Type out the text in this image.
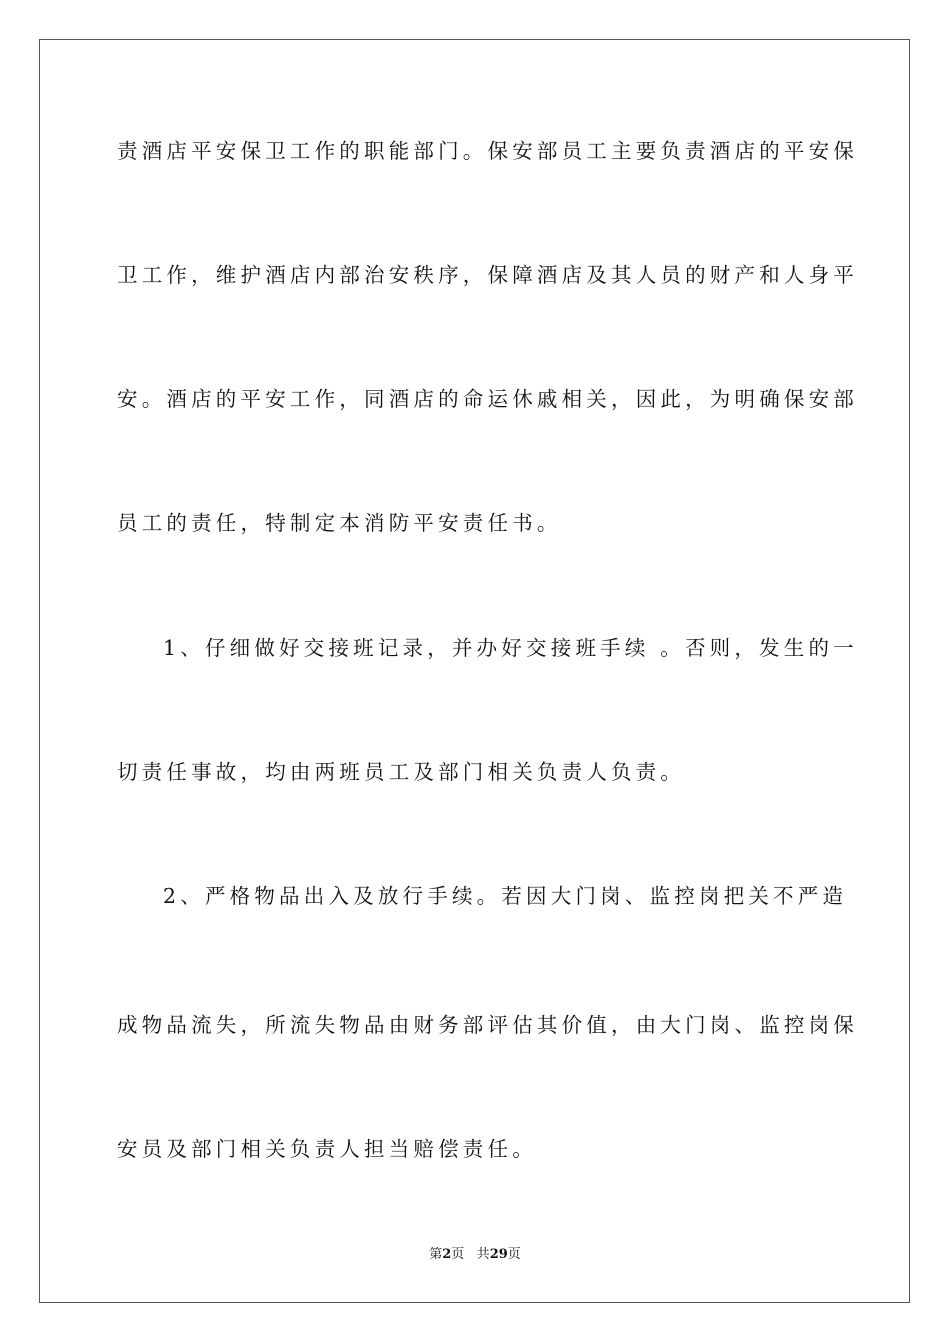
责酒店平安保卫工作的职能部门。保安部员工主要负责酒店的平安保
卫工作，维护酒店内部治安秩序，保障酒店及其人员的财产和人身平
安。酒店的平安工作，同酒店的命运休戚相关，因此，为明确保安部
员工的责任，特制定本消防平安责任书。
1、仔细做好交接班记录，并办好交接班手续 。否则，发生的一
切责任事故，均由两班员工及部门相关负责人负责。
2、严格物品出入及放行手续。若因大门岗、监控岗把关不严造
成物品流失，所流失物品由财务部评估其价值，由大门岗、监控岗保
安员及部门相关负责人担当赔偿责任。
第2页 共29页
